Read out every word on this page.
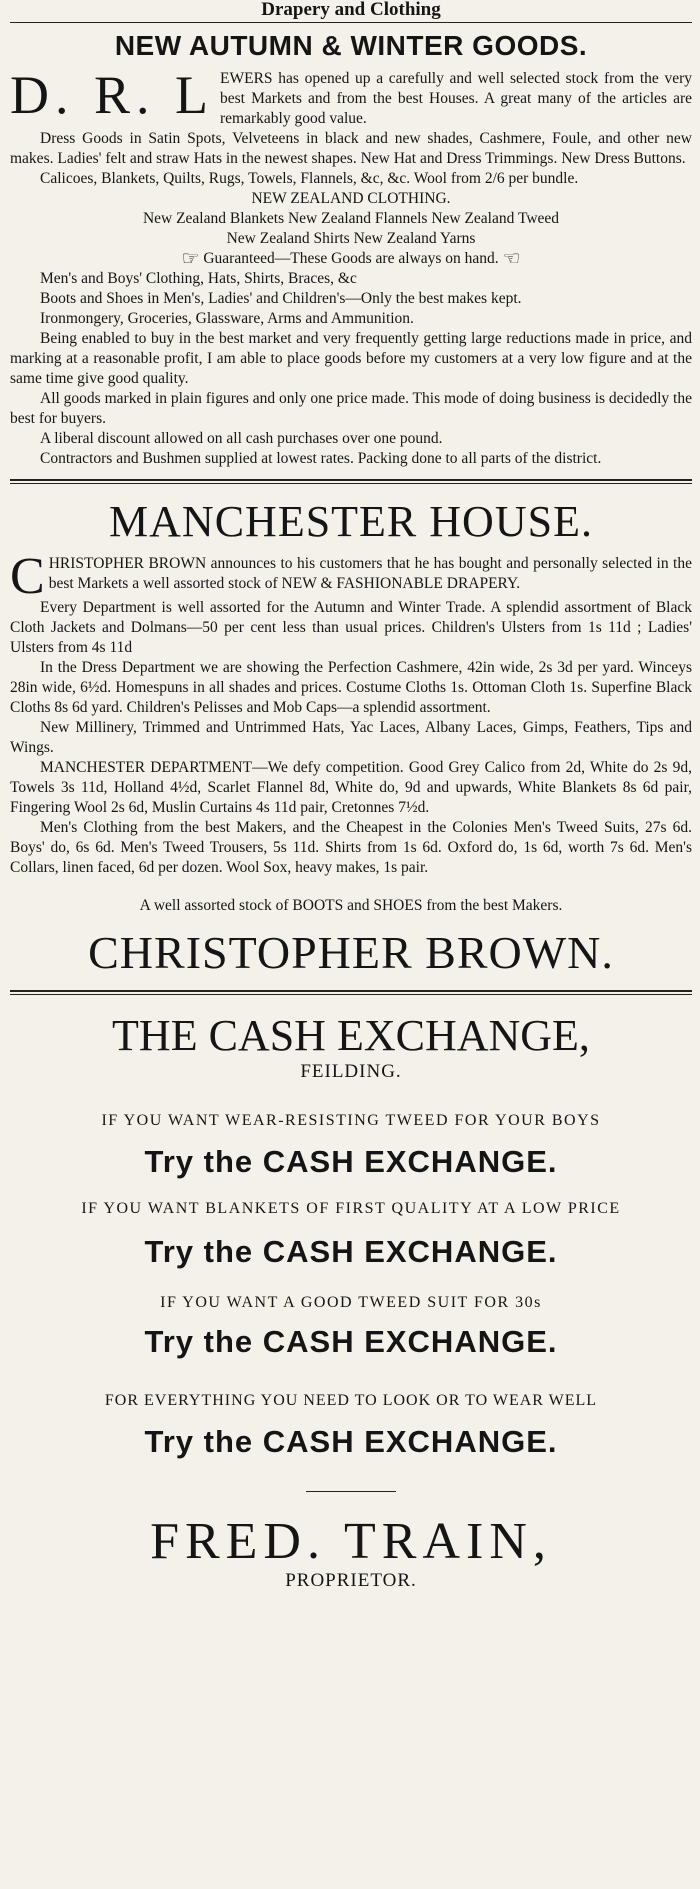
Drapery and Clothing

NEW AUTUMN & WINTER GOODS.
D. R. L EWERS has opened up a carefully and well selected stock from the very best Markets and from the best Houses. A great many of the articles are remarkably good value.

Dress Goods in Satin Spots, Velveteens in black and new shades, Cashmere, Foule, and other new makes. Ladies' felt and straw Hats in the newest shapes. New Hat and Dress Trimmings. New Dress Buttons.

Calicoes, Blankets, Quilts, Rugs, Towels, Flannels, &c, &c. Wool from 2/6 per bundle.

NEW ZEALAND CLOTHING.

New Zealand Blankets New Zealand Flannels New Zealand Tweed

New Zealand Shirts New Zealand Yarns

☞ Guaranteed—These Goods are always on hand. ☜

Men's and Boys' Clothing, Hats, Shirts, Braces, &c

Boots and Shoes in Men's, Ladies' and Children's—Only the best makes kept.

Ironmongery, Groceries, Glassware, Arms and Ammunition.

Being enabled to buy in the best market and very frequently getting large reductions made in price, and marking at a reasonable profit, I am able to place goods before my customers at a very low figure and at the same time give good quality.

All goods marked in plain figures and only one price made. This mode of doing business is decidedly the best for buyers.

A liberal discount allowed on all cash purchases over one pound.

Contractors and Bushmen supplied at lowest rates. Packing done to all parts of the district.

MANCHESTER HOUSE.
C HRISTOPHER BROWN announces to his customers that he has bought and personally selected in the best Markets a well assorted stock of NEW & FASHIONABLE DRAPERY.

Every Department is well assorted for the Autumn and Winter Trade. A splendid assortment of Black Cloth Jackets and Dolmans—50 per cent less than usual prices. Children's Ulsters from 1s 11d ; Ladies' Ulsters from 4s 11d

In the Dress Department we are showing the Perfection Cashmere, 42in wide, 2s 3d per yard. Winceys 28in wide, 6½d. Homespuns in all shades and prices. Costume Cloths 1s. Ottoman Cloth 1s. Superfine Black Cloths 8s 6d yard. Children's Pelisses and Mob Caps—a splendid assortment.

New Millinery, Trimmed and Untrimmed Hats, Yac Laces, Albany Laces, Gimps, Feathers, Tips and Wings.

MANCHESTER DEPARTMENT—We defy competition. Good Grey Calico from 2d, White do 2s 9d, Towels 3s 11d, Holland 4½d, Scarlet Flannel 8d, White do, 9d and upwards, White Blankets 8s 6d pair, Fingering Wool 2s 6d, Muslin Curtains 4s 11d pair, Cretonnes 7½d.

Men's Clothing from the best Makers, and the Cheapest in the Colonies Men's Tweed Suits, 27s 6d. Boys' do, 6s 6d. Men's Tweed Trousers, 5s 11d. Shirts from 1s 6d. Oxford do, 1s 6d, worth 7s 6d. Men's Collars, linen faced, 6d per dozen. Wool Sox, heavy makes, 1s pair.

A well assorted stock of BOOTS and SHOES from the best Makers.

CHRISTOPHER BROWN.
THE CASH EXCHANGE,
FEILDING.

IF YOU WANT WEAR-RESISTING TWEED FOR YOUR BOYS

Try the CASH EXCHANGE.

IF YOU WANT BLANKETS OF FIRST QUALITY AT A LOW PRICE

Try the CASH EXCHANGE.

IF YOU WANT A GOOD TWEED SUIT FOR 30s

Try the CASH EXCHANGE.

FOR EVERYTHING YOU NEED TO LOOK OR TO WEAR WELL

Try the CASH EXCHANGE.

FRED. TRAIN,
PROPRIETOR.
